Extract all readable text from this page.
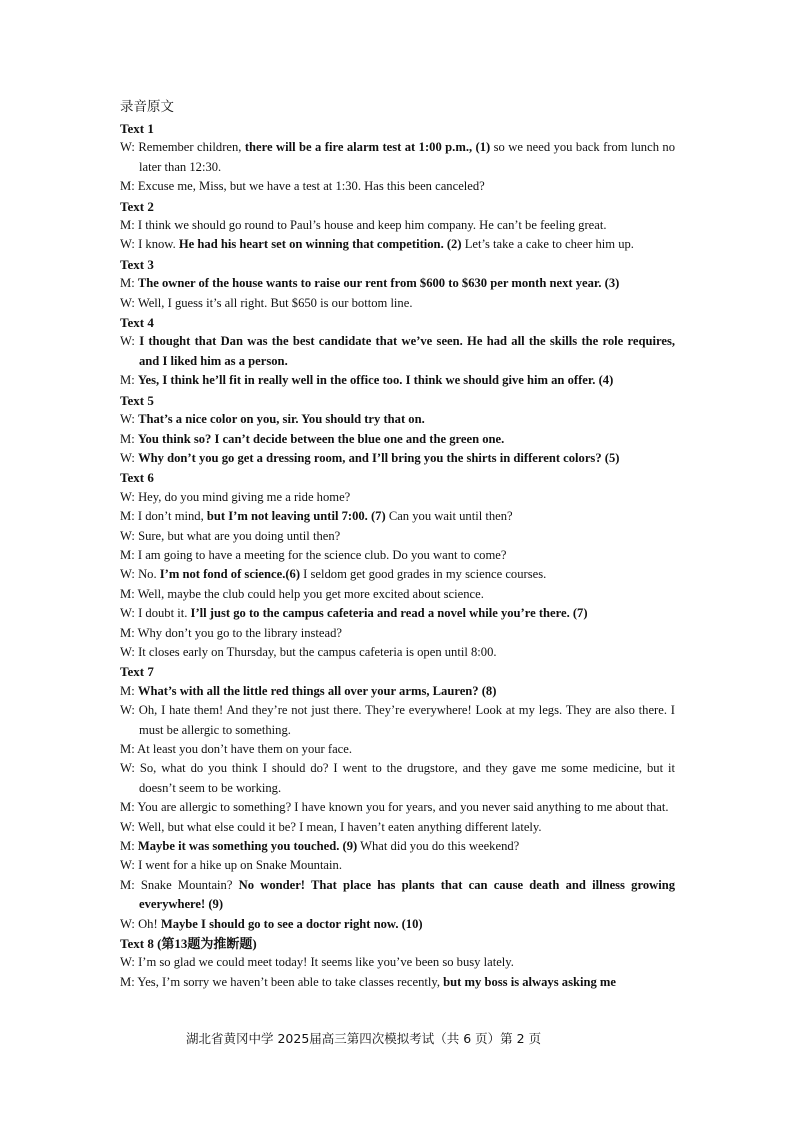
录音原文
Text 1
W: Remember children, there will be a fire alarm test at 1:00 p.m., (1) so we need you back from lunch no later than 12:30.
M: Excuse me, Miss, but we have a test at 1:30. Has this been canceled?
Text 2
M: I think we should go round to Paul’s house and keep him company. He can’t be feeling great.
W: I know. He had his heart set on winning that competition. (2) Let’s take a cake to cheer him up.
Text 3
M: The owner of the house wants to raise our rent from $600 to $630 per month next year. (3)
W: Well, I guess it’s all right. But $650 is our bottom line.
Text 4
W: I thought that Dan was the best candidate that we’ve seen. He had all the skills the role requires, and I liked him as a person.
M: Yes, I think he’ll fit in really well in the office too. I think we should give him an offer. (4)
Text 5
W: That’s a nice color on you, sir. You should try that on.
M: You think so? I can’t decide between the blue one and the green one.
W: Why don’t you go get a dressing room, and I’ll bring you the shirts in different colors? (5)
Text 6
W: Hey, do you mind giving me a ride home?
M: I don’t mind, but I’m not leaving until 7:00. (7) Can you wait until then?
W: Sure, but what are you doing until then?
M: I am going to have a meeting for the science club. Do you want to come?
W: No. I’m not fond of science.(6) I seldom get good grades in my science courses.
M: Well, maybe the club could help you get more excited about science.
W: I doubt it. I’ll just go to the campus cafeteria and read a novel while you’re there. (7)
M: Why don’t you go to the library instead?
W: It closes early on Thursday, but the campus cafeteria is open until 8:00.
Text 7
M: What’s with all the little red things all over your arms, Lauren? (8)
W: Oh, I hate them! And they’re not just there. They’re everywhere! Look at my legs. They are also there. I must be allergic to something.
M: At least you don’t have them on your face.
W: So, what do you think I should do? I went to the drugstore, and they gave me some medicine, but it doesn’t seem to be working.
M: You are allergic to something? I have known you for years, and you never said anything to me about that.
W: Well, but what else could it be? I mean, I haven’t eaten anything different lately.
M: Maybe it was something you touched. (9) What did you do this weekend?
W: I went for a hike up on Snake Mountain.
M: Snake Mountain? No wonder! That place has plants that can cause death and illness growing everywhere! (9)
W: Oh! Maybe I should go to see a doctor right now. (10)
Text 8 (第13题为推断题)
W: I’m so glad we could meet today! It seems like you’ve been so busy lately.
M: Yes, I’m sorry we haven’t been able to take classes recently, but my boss is always asking me
湖北省黄冈中学 2025届高三第四次模拟考试（共 6 页）第 2 页
